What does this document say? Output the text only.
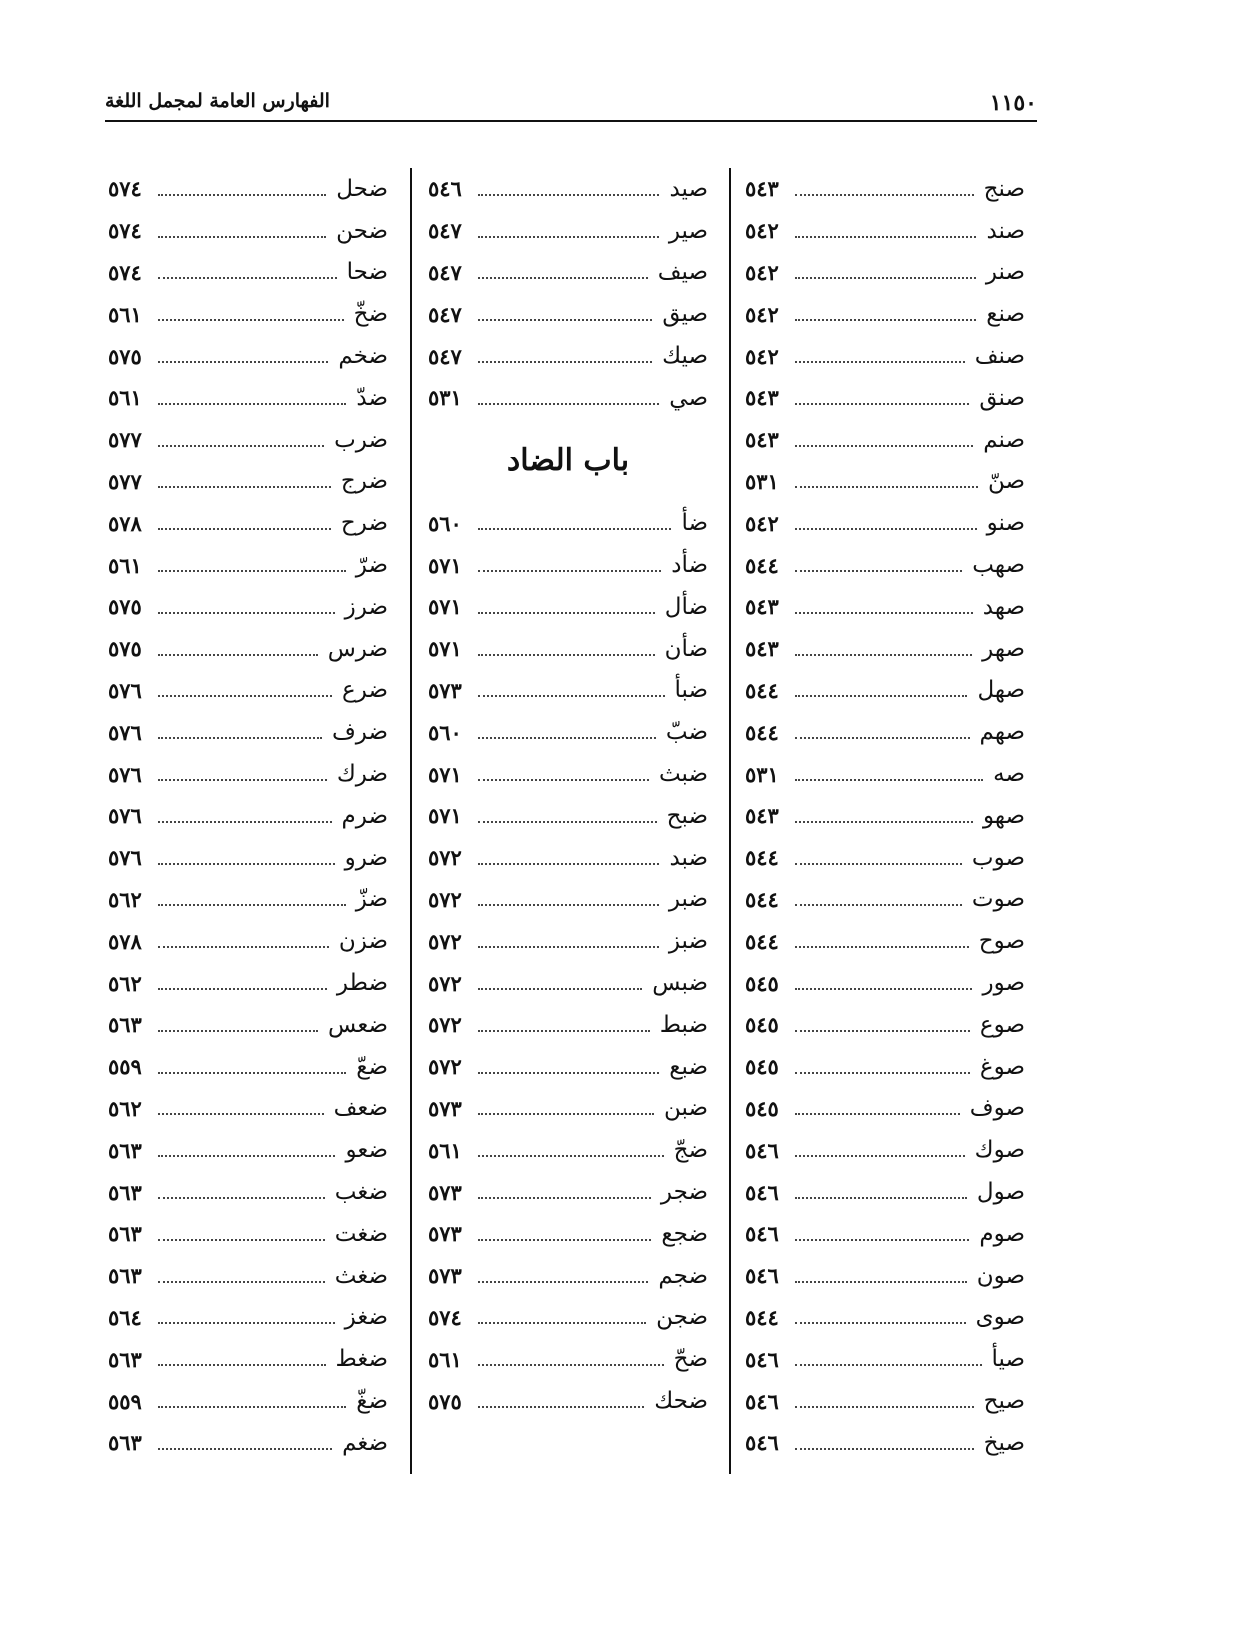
١١٥٠
الفهارس العامة لمجمل اللغة
صنج
٥٤٣
صند
٥٤٢
صنر
٥٤٢
صنع
٥٤٢
صنف
٥٤٢
صنق
٥٤٣
صنم
٥٤٣
صنّ
٥٣١
صنو
٥٤٢
صهب
٥٤٤
صهد
٥٤٣
صهر
٥٤٣
صهل
٥٤٤
صهم
٥٤٤
صه
٥٣١
صهو
٥٤٣
صوب
٥٤٤
صوت
٥٤٤
صوح
٥٤٤
صور
٥٤٥
صوع
٥٤٥
صوغ
٥٤٥
صوف
٥٤٥
صوك
٥٤٦
صول
٥٤٦
صوم
٥٤٦
صون
٥٤٦
صوى
٥٤٤
صيأ
٥٤٦
صيح
٥٤٦
صيخ
٥٤٦
صيد
٥٤٦
صير
٥٤٧
صيف
٥٤٧
صيق
٥٤٧
صيك
٥٤٧
صي
٥٣١
باب الضاد
ضأ
٥٦٠
ضأد
٥٧١
ضأل
٥٧١
ضأن
٥٧١
ضبأ
٥٧٣
ضبّ
٥٦٠
ضبث
٥٧١
ضبح
٥٧١
ضبد
٥٧٢
ضبر
٥٧٢
ضبز
٥٧٢
ضبس
٥٧٢
ضبط
٥٧٢
ضبع
٥٧٢
ضبن
٥٧٣
ضجّ
٥٦١
ضجر
٥٧٣
ضجع
٥٧٣
ضجم
٥٧٣
ضجن
٥٧٤
ضحّ
٥٦١
ضحك
٥٧٥
ضحل
٥٧٤
ضحن
٥٧٤
ضحا
٥٧٤
ضخّ
٥٦١
ضخم
٥٧٥
ضدّ
٥٦١
ضرب
٥٧٧
ضرج
٥٧٧
ضرح
٥٧٨
ضرّ
٥٦١
ضرز
٥٧٥
ضرس
٥٧٥
ضرع
٥٧٦
ضرف
٥٧٦
ضرك
٥٧٦
ضرم
٥٧٦
ضرو
٥٧٦
ضزّ
٥٦٢
ضزن
٥٧٨
ضطر
٥٦٢
ضعس
٥٦٣
ضعّ
٥٥٩
ضعف
٥٦٢
ضعو
٥٦٣
ضغب
٥٦٣
ضغت
٥٦٣
ضغث
٥٦٣
ضغز
٥٦٤
ضغط
٥٦٣
ضغّ
٥٥٩
ضغم
٥٦٣
